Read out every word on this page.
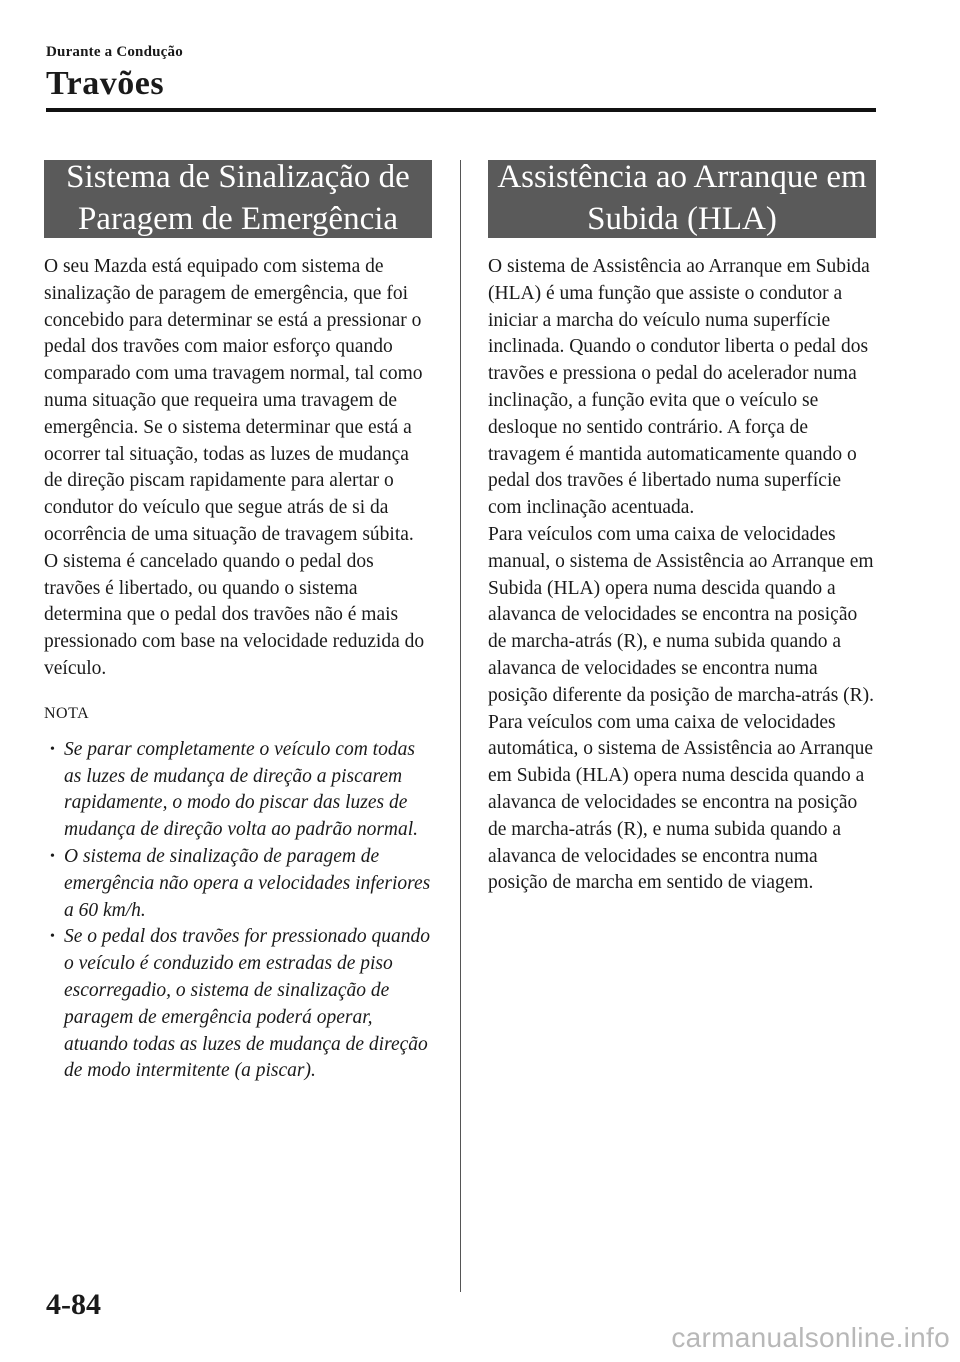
Durante a Condução
Travões
Sistema de Sinalização de Paragem de Emergência

O seu Mazda está equipado com sistema de sinalização de paragem de emergência, que foi concebido para determinar se está a pressionar o pedal dos travões com maior esforço quando comparado com uma travagem normal, tal como numa situação que requeira uma travagem de emergência. Se o sistema determinar que está a ocorrer tal situação, todas as luzes de mudança de direção piscam rapidamente para alertar o condutor do veículo que segue atrás de si da ocorrência de uma situação de travagem súbita.

O sistema é cancelado quando o pedal dos travões é libertado, ou quando o sistema determina que o pedal dos travões não é mais pressionado com base na velocidade reduzida do veículo.

NOTA
• Se parar completamente o veículo com todas as luzes de mudança de direção a piscarem rapidamente, o modo do piscar das luzes de mudança de direção volta ao padrão normal.
• O sistema de sinalização de paragem de emergência não opera a velocidades inferiores a 60 km/h.
• Se o pedal dos travões for pressionado quando o veículo é conduzido em estradas de piso escorregadio, o sistema de sinalização de paragem de emergência poderá operar, atuando todas as luzes de mudança de direção de modo intermitente (a piscar).
Assistência ao Arranque em Subida (HLA)

O sistema de Assistência ao Arranque em Subida (HLA) é uma função que assiste o condutor a iniciar a marcha do veículo numa superfície inclinada. Quando o condutor liberta o pedal dos travões e pressiona o pedal do acelerador numa inclinação, a função evita que o veículo se desloque no sentido contrário. A força de travagem é mantida automaticamente quando o pedal dos travões é libertado numa superfície com inclinação acentuada.

Para veículos com uma caixa de velocidades manual, o sistema de Assistência ao Arranque em Subida (HLA) opera numa descida quando a alavanca de velocidades se encontra na posição de marcha-atrás (R), e numa subida quando a alavanca de velocidades se encontra numa posição diferente da posição de marcha-atrás (R).

Para veículos com uma caixa de velocidades automática, o sistema de Assistência ao Arranque em Subida (HLA) opera numa descida quando a alavanca de velocidades se encontra na posição de marcha-atrás (R), e numa subida quando a alavanca de velocidades se encontra numa posição de marcha em sentido de viagem.

4-84
carmanualsonline.info
